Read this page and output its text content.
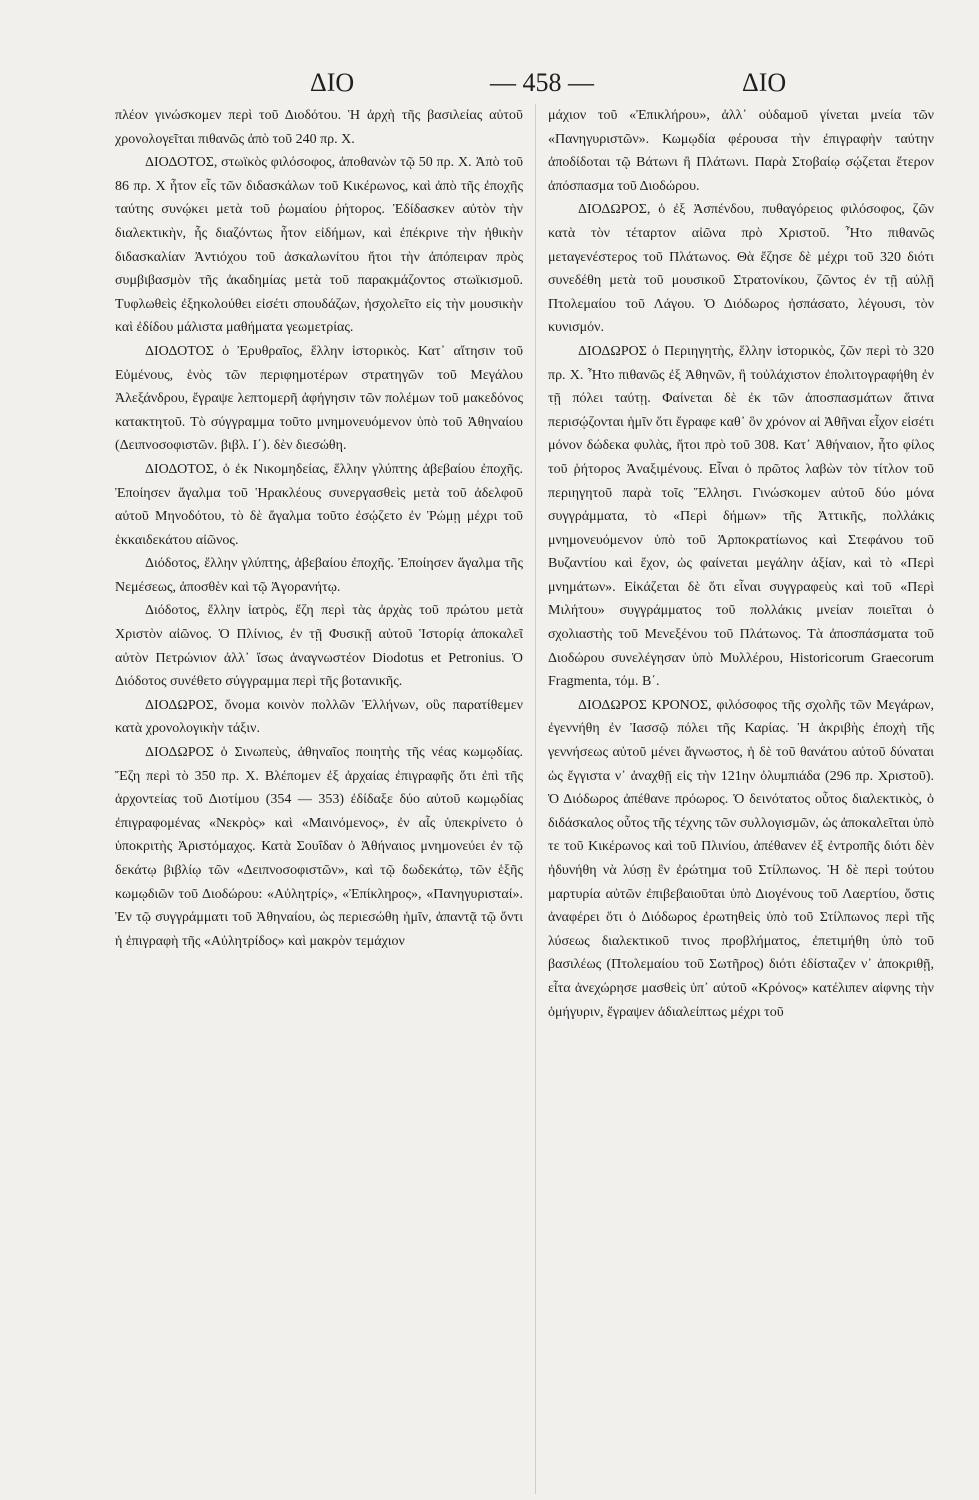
ΔΙΟ	— 458 —	ΔΙΟ

πλέον γινώσκομεν περὶ τοῦ Διοδότου. Ἡ ἀρχὴ τῆς βασιλείας αὐτοῦ χρονολογεῖται πιθανῶς ἀπὸ τοῦ 240 πρ. Χ.

ΔΙΟΔΟΤΟΣ, στωϊκὸς φιλόσοφος, ἀποθανὼν τῷ 50 πρ. Χ. Ἀπὸ τοῦ 86 πρ. Χ ἦτον εἷς τῶν διδασκάλων τοῦ Κικέρωνος, καὶ ἀπὸ τῆς ἐποχῆς ταύτης συνῴκει μετὰ τοῦ ῥωμαίου ῥήτορος. Ἐδίδασκεν αὐτὸν τὴν διαλεκτικὴν, ἧς διαζόντως ἦτον εἰδήμων, καὶ ἐπέκρινε τὴν ἠθικὴν διδασκαλίαν Ἀντιόχου τοῦ ἀσκαλωνίτου ἤτοι τὴν ἀπόπειραν πρὸς συμβιβασμὸν τῆς ἀκαδημίας μετὰ τοῦ παρακμάζοντος στωϊκισμοῦ. Τυφλωθεὶς ἐξηκολούθει εἰσέτι σπουδάζων, ἠσχολεῖτο εἰς τὴν μουσικὴν καὶ ἐδίδου μάλιστα μαθήματα γεωμετρίας.

ΔΙΟΔΟΤΟΣ ὁ Ἐρυθραῖος, ἕλλην ἱστορικὸς. Κατ᾽ αἴτησιν τοῦ Εὐμένους, ἑνὸς τῶν περιφημοτέρων στρατηγῶν τοῦ Μεγάλου Ἀλεξάνδρου, ἔγραψε λεπτομερῆ ἀφήγησιν τῶν πολέμων τοῦ μακεδόνος κατακτητοῦ. Τὸ σύγγραμμα τοῦτο μνημονευόμενον ὑπὸ τοῦ Ἀθηναίου (Δειπνοσοφιστῶν. βιβλ. Ι΄). δὲν διεσώθη.

ΔΙΟΔΟΤΟΣ, ὁ ἐκ Νικομηδείας, ἕλλην γλύπτης ἀβεβαίου ἐποχῆς. Ἐποίησεν ἄγαλμα τοῦ Ἡρακλέους συνεργασθεὶς μετὰ τοῦ ἀδελφοῦ αὐτοῦ Μηνοδότου, τὸ δὲ ἄγαλμα τοῦτο ἐσῴζετο ἐν Ῥώμῃ μέχρι τοῦ ἑκκαιδεκάτου αἰῶνος.

Διόδοτος, ἕλλην γλύπτης, ἀβεβαίου ἐποχῆς. Ἐποίησεν ἄγαλμα τῆς Νεμέσεως, ἀποσθὲν καὶ τῷ Ἀγορανήτῳ.

Διόδοτος, ἕλλην ἰατρὸς, ἔζη περὶ τὰς ἀρχὰς τοῦ πρώτου μετὰ Χριστὸν αἰῶνος. Ὁ Πλίνιος, ἐν τῇ Φυσικῇ αὐτοῦ Ἱστορίᾳ ἀποκαλεῖ αὐτὸν Πετρώνιον ἀλλ᾽ ἴσως ἀναγνωστέον Diodotus et Petronius. Ὁ Διόδοτος συνέθετο σύγγραμμα περὶ τῆς βοτανικῆς.

ΔΙΟΔΩΡΟΣ, ὄνομα κοινὸν πολλῶν Ἑλλήνων, οὓς παρατίθεμεν κατὰ χρονολογικὴν τάξιν.

ΔΙΟΔΩΡΟΣ ὁ Σινωπεὺς, ἀθηναῖος ποιητὴς τῆς νέας κωμῳδίας. Ἔζη περὶ τὸ 350 πρ. Χ. Βλέπομεν ἐξ ἀρχαίας ἐπιγραφῆς ὅτι ἐπὶ τῆς ἀρχοντείας τοῦ Διοτίμου (354 — 353) ἐδίδαξε δύο αὐτοῦ κωμῳδίας ἐπιγραφομένας «Νεκρὸς» καὶ «Μαινόμενος», ἐν αἷς ὑπεκρίνετο ὁ ὑποκριτὴς Ἀριστόμαχος. Κατὰ Σουΐδαν ὁ Ἀθήναιος μνημονεύει ἐν τῷ δεκάτῳ βιβλίῳ τῶν «Δειπνοσοφιστῶν», καὶ τῷ δωδεκάτῳ, τῶν ἑξῆς κωμῳδιῶν τοῦ Διοδώρου: «Αὐλητρίς», «Ἐπίκληρος», «Πανηγυρισταί». Ἐν τῷ συγγράμματι τοῦ Ἀθηναίου, ὡς περιεσώθη ἡμῖν, ἀπαντᾷ τῷ ὄντι ἡ ἐπιγραφὴ τῆς «Αὐλητρίδος» καὶ μακρὸν τεμάχιον

μάχιον τοῦ «Ἐπικλήρου», ἀλλ᾽ οὐδαμοῦ γίνεται μνεία τῶν «Πανηγυριστῶν». Κωμῳδία φέρουσα τὴν ἐπιγραφὴν ταύτην ἀποδίδοται τῷ Βάτωνι ἢ Πλάτωνι. Παρὰ Στοβαίῳ σῴζεται ἕτερον ἀπόσπασμα τοῦ Διοδώρου.

ΔΙΟΔΩΡΟΣ, ὁ ἐξ Ἀσπένδου, πυθαγόρειος φιλόσοφος, ζῶν κατὰ τὸν τέταρτον αἰῶνα πρὸ Χριστοῦ. Ἦτο πιθανῶς μεταγενέστερος τοῦ Πλάτωνος. Θὰ ἔζησε δὲ μέχρι τοῦ 320 διότι συνεδέθη μετὰ τοῦ μουσικοῦ Στρατονίκου, ζῶντος ἐν τῇ αὐλῇ Πτολεμαίου τοῦ Λάγου. Ὁ Διόδωρος ἠσπάσατο, λέγουσι, τὸν κυνισμόν.

ΔΙΟΔΩΡΟΣ ὁ Περιηγητὴς, ἕλλην ἱστορικὸς, ζῶν περὶ τὸ 320 πρ. Χ. Ἦτο πιθανῶς ἐξ Ἀθηνῶν, ἢ τοὐλάχιστον ἐπολιτογραφήθη ἐν τῇ πόλει ταύτῃ. Φαίνεται δὲ ἐκ τῶν ἀποσπασμάτων ἅτινα περισῴζονται ἡμῖν ὅτι ἔγραφε καθ᾽ ὃν χρόνον αἱ Ἀθῆναι εἶχον εἰσέτι μόνον δώδεκα φυλὰς, ἤτοι πρὸ τοῦ 308. Κατ᾽ Ἀθήναιον, ἦτο φίλος τοῦ ῥήτορος Ἀναξιμένους. Εἶναι ὁ πρῶτος λαβὼν τὸν τίτλον τοῦ περιηγητοῦ παρὰ τοῖς Ἕλλησι. Γινώσκομεν αὐτοῦ δύο μόνα συγγράμματα, τὸ «Περὶ δήμων» τῆς Ἀττικῆς, πολλάκις μνημονευόμενον ὑπὸ τοῦ Ἁρποκρατίωνος καὶ Στεφάνου τοῦ Βυζαντίου καὶ ἔχον, ὡς φαίνεται μεγάλην ἀξίαν, καὶ τὸ «Περὶ μνημάτων». Εἰκάζεται δὲ ὅτι εἶναι συγγραφεὺς καὶ τοῦ «Περὶ Μιλήτου» συγγράμματος τοῦ πολλάκις μνείαν ποιεῖται ὁ σχολιαστὴς τοῦ Μενεξένου τοῦ Πλάτωνος. Τὰ ἀποσπάσματα τοῦ Διοδώρου συνελέγησαν ὑπὸ Μυλλέρου, Historicorum Graecorum Fragmenta, τόμ. Β΄.

ΔΙΟΔΩΡΟΣ ΚΡΟΝΟΣ, φιλόσοφος τῆς σχολῆς τῶν Μεγάρων, ἐγεννήθη ἐν Ἰασσῷ πόλει τῆς Καρίας. Ἡ ἀκριβὴς ἐποχὴ τῆς γεννήσεως αὐτοῦ μένει ἄγνωστος, ἡ δὲ τοῦ θανάτου αὐτοῦ δύναται ὡς ἔγγιστα ν᾽ ἀναχθῇ εἰς τὴν 121ην ὀλυμπιάδα (296 πρ. Χριστοῦ). Ὁ Διόδωρος ἀπέθανε πρόωρος. Ὁ δεινότατος οὗτος διαλεκτικὸς, ὁ διδάσκαλος οὗτος τῆς τέχνης τῶν συλλογισμῶν, ὡς ἀποκαλεῖται ὑπὸ τε τοῦ Κικέρωνος καὶ τοῦ Πλινίου, ἀπέθανεν ἐξ ἐντροπῆς διότι δὲν ἠδυνήθη νὰ λύσῃ ἓν ἐρώτημα τοῦ Στίλπωνος. Ἡ δὲ περὶ τούτου μαρτυρία αὐτῶν ἐπιβεβαιοῦται ὑπὸ Διογένους τοῦ Λαερτίου, ὅστις ἀναφέρει ὅτι ὁ Διόδωρος ἐρωτηθεὶς ὑπὸ τοῦ Στίλπωνος περὶ τῆς λύσεως διαλεκτικοῦ τινος προβλήματος, ἐπετιμήθη ὑπὸ τοῦ βασιλέως (Πτολεμαίου τοῦ Σωτῆρος) διότι ἐδίσταζεν ν᾽ ἀποκριθῇ, εἶτα ἀνεχώρησε μασθεὶς ὑπ᾽ αὐτοῦ «Κρόνος» κατέλιπεν αἰφνης τὴν ὁμήγυριν, ἔγραψεν ἀδιαλείπτως μέχρι τοῦ
